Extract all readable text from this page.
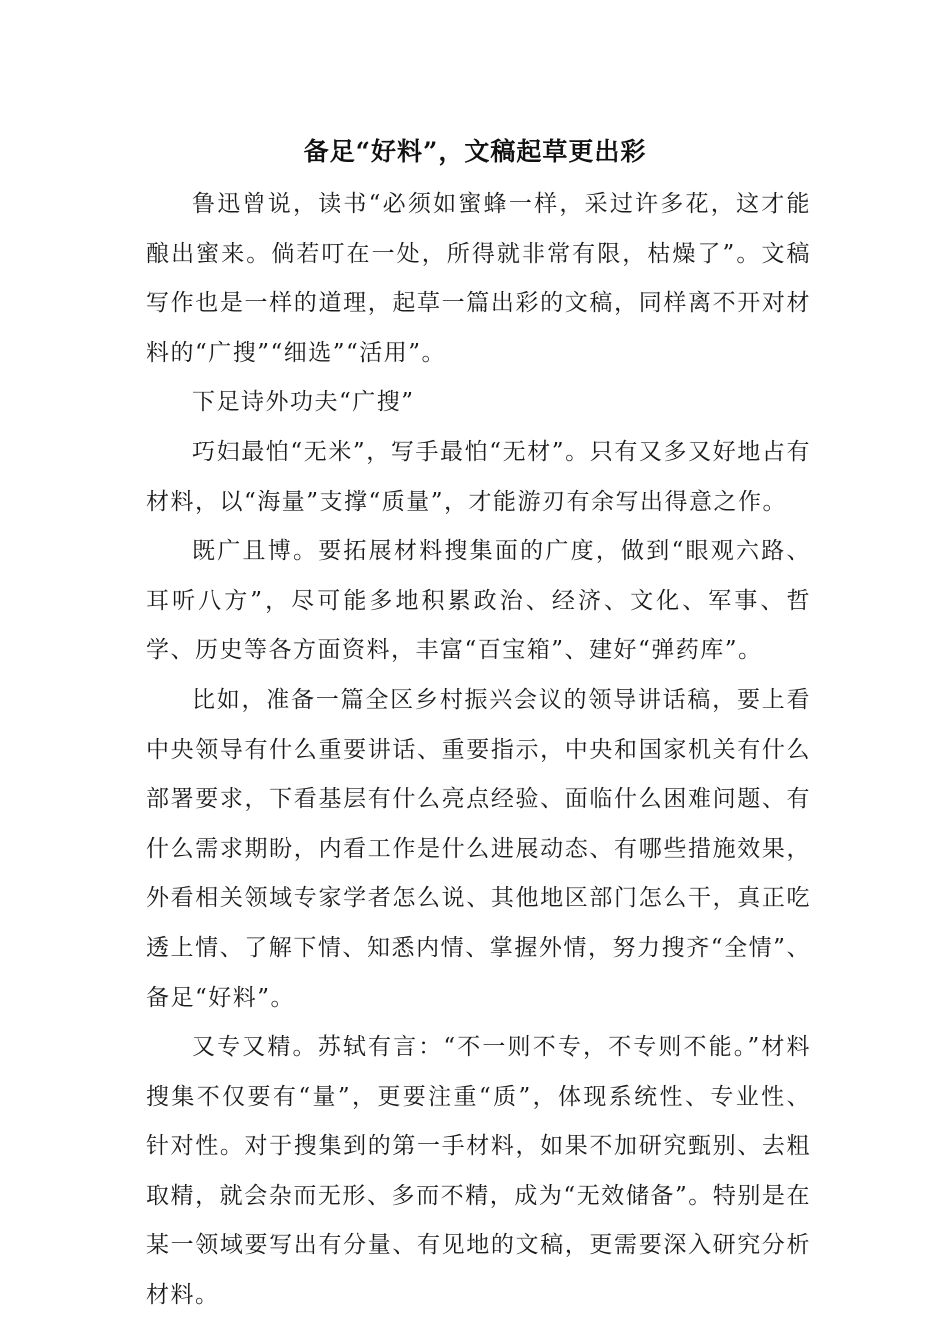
备足“好料”，文稿起草更出彩

鲁迅曾说，读书“必须如蜜蜂一样，采过许多花，这才能酿出蜜来。倘若叮在一处，所得就非常有限，枯燥了”。文稿写作也是一样的道理，起草一篇出彩的文稿，同样离不开对材料的“广搜”“细选”“活用”。

下足诗外功夫“广搜”

巧妇最怕“无米”，写手最怕“无材”。只有又多又好地占有材料，以“海量”支撑“质量”，才能游刃有余写出得意之作。

既广且博。要拓展材料搜集面的广度，做到“眼观六路、耳听八方”，尽可能多地积累政治、经济、文化、军事、哲学、历史等各方面资料，丰富“百宝箱”、建好“弹药库”。

比如，准备一篇全区乡村振兴会议的领导讲话稿，要上看中央领导有什么重要讲话、重要指示，中央和国家机关有什么部署要求，下看基层有什么亮点经验、面临什么困难问题、有什么需求期盼，内看工作是什么进展动态、有哪些措施效果，外看相关领域专家学者怎么说、其他地区部门怎么干，真正吃透上情、了解下情、知悉内情、掌握外情，努力搜齐“全情”、备足“好料”。

又专又精。苏轼有言：“不一则不专，不专则不能。”材料搜集不仅要有“量”，更要注重“质”，体现系统性、专业性、针对性。对于搜集到的第一手材料，如果不加研究甄别、去粗取精，就会杂而无形、多而不精，成为“无效储备”。特别是在某一领域要写出有分量、有见地的文稿，更需要深入研究分析材料。
